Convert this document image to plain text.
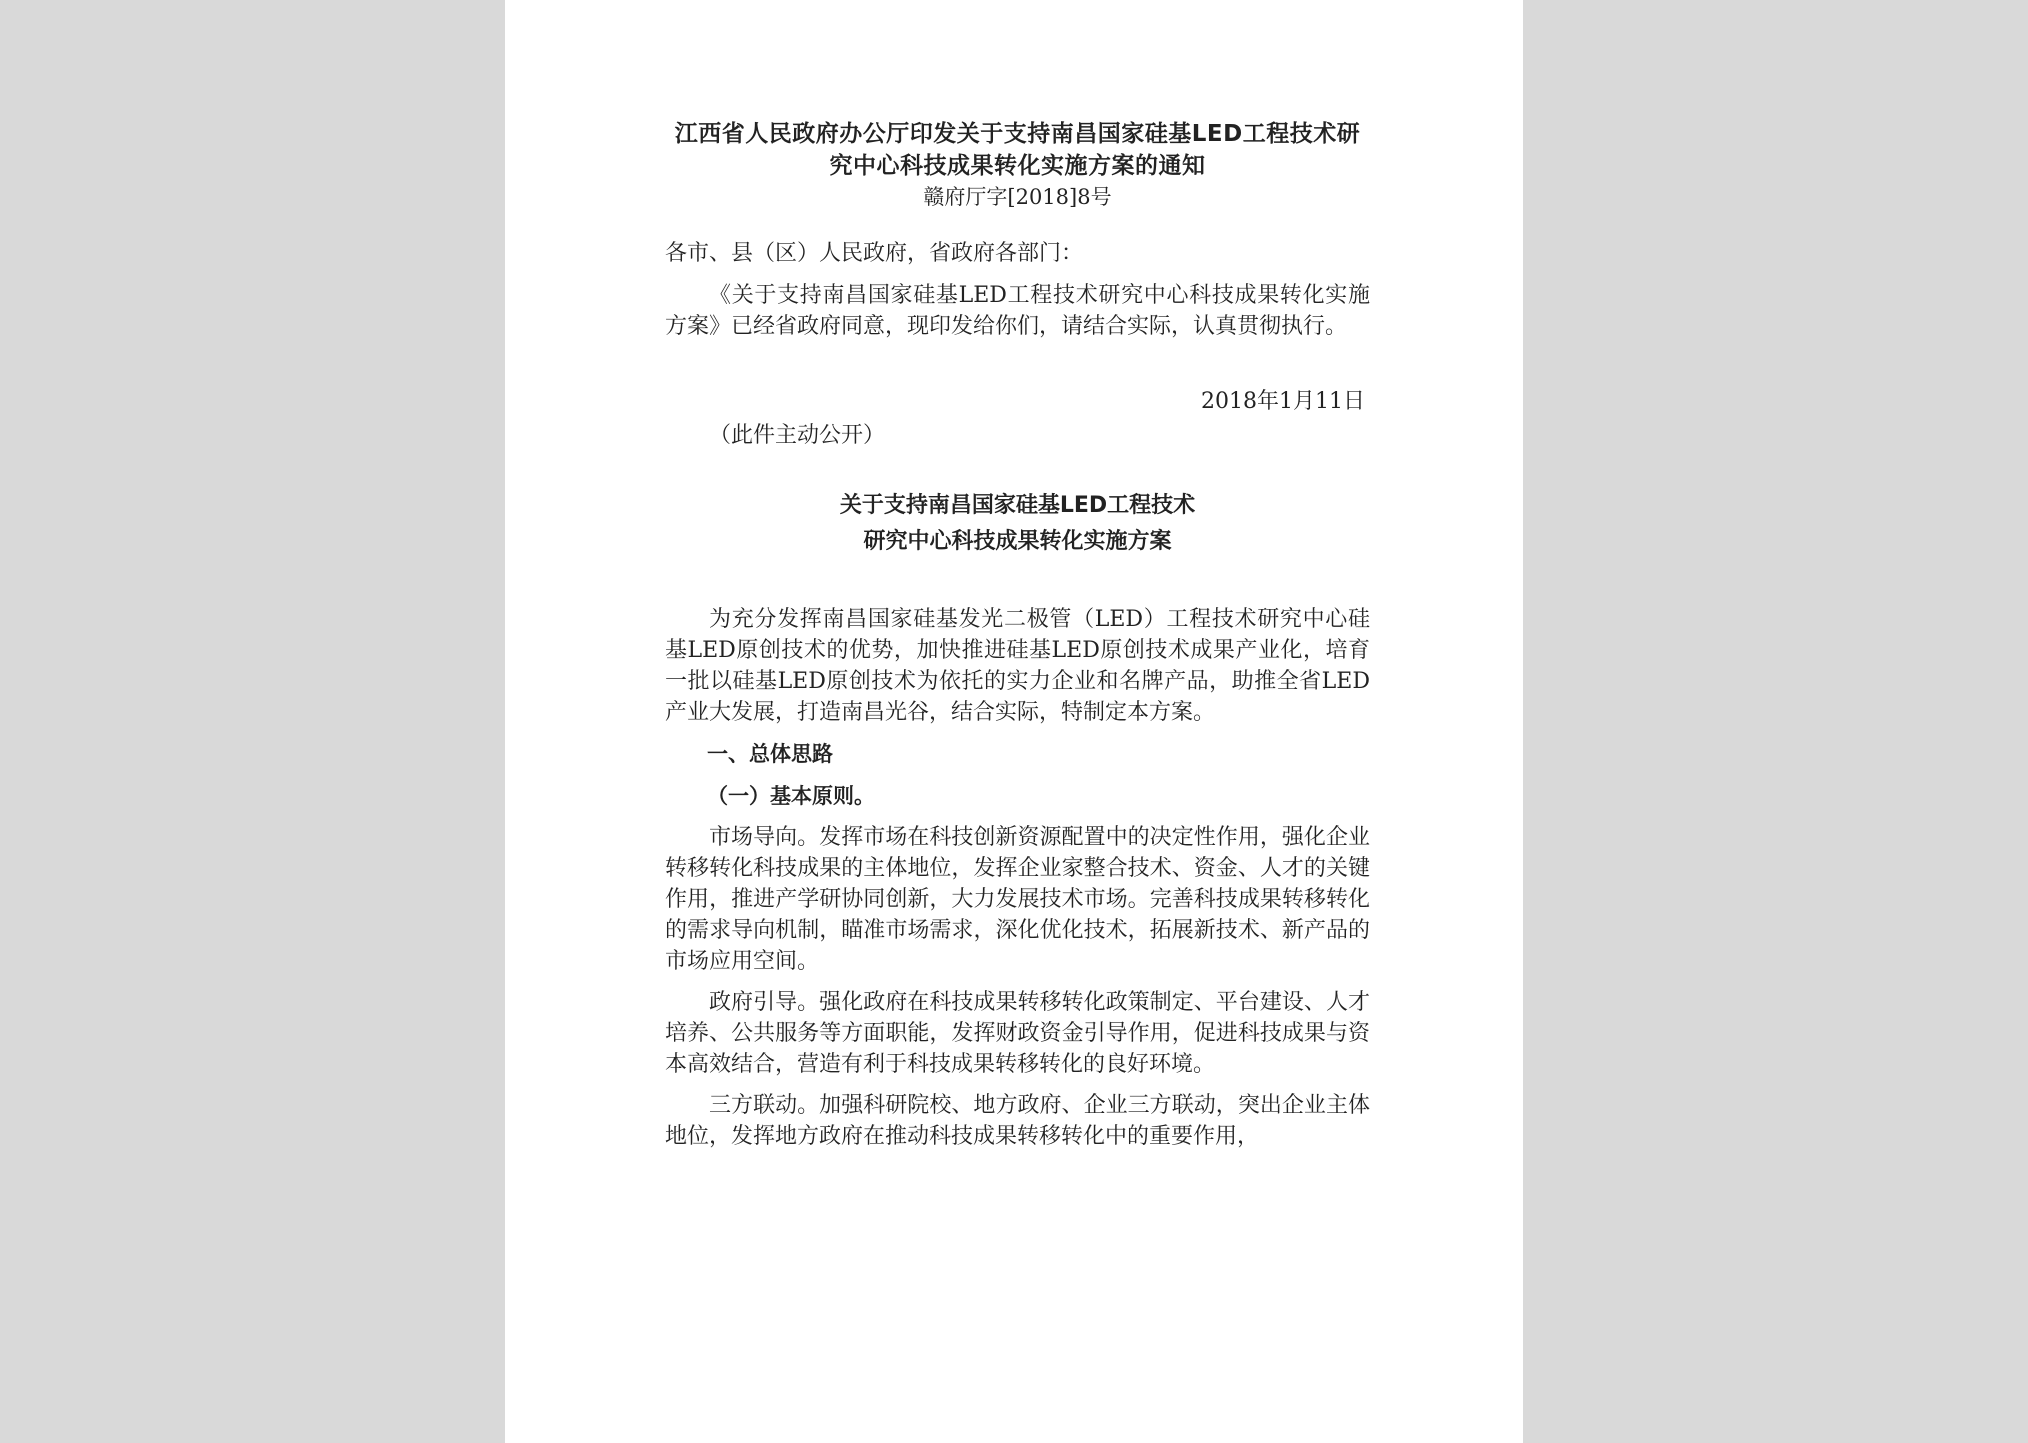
江西省人民政府办公厅印发关于支持南昌国家硅基LED工程技术研

究中心科技成果转化实施方案的通知

赣府厅字[2018]8号

各市、县（区）人民政府，省政府各部门：

《关于支持南昌国家硅基LED工程技术研究中心科技成果转化实施方案》已经省政府同意，现印发给你们，请结合实际，认真贯彻执行。

2018年1月11日

（此件主动公开）

关于支持南昌国家硅基LED工程技术

研究中心科技成果转化实施方案

为充分发挥南昌国家硅基发光二极管（LED）工程技术研究中心硅基LED原创技术的优势，加快推进硅基LED原创技术成果产业化，培育一批以硅基LED原创技术为依托的实力企业和名牌产品，助推全省LED产业大发展，打造南昌光谷，结合实际，特制定本方案。

一、总体思路

（一）基本原则。

市场导向。发挥市场在科技创新资源配置中的决定性作用，强化企业转移转化科技成果的主体地位，发挥企业家整合技术、资金、人才的关键作用，推进产学研协同创新，大力发展技术市场。完善科技成果转移转化的需求导向机制，瞄准市场需求，深化优化技术，拓展新技术、新产品的市场应用空间。

政府引导。强化政府在科技成果转移转化政策制定、平台建设、人才培养、公共服务等方面职能，发挥财政资金引导作用，促进科技成果与资本高效结合，营造有利于科技成果转移转化的良好环境。

三方联动。加强科研院校、地方政府、企业三方联动，突出企业主体地位，发挥地方政府在推动科技成果转移转化中的重要作用，
